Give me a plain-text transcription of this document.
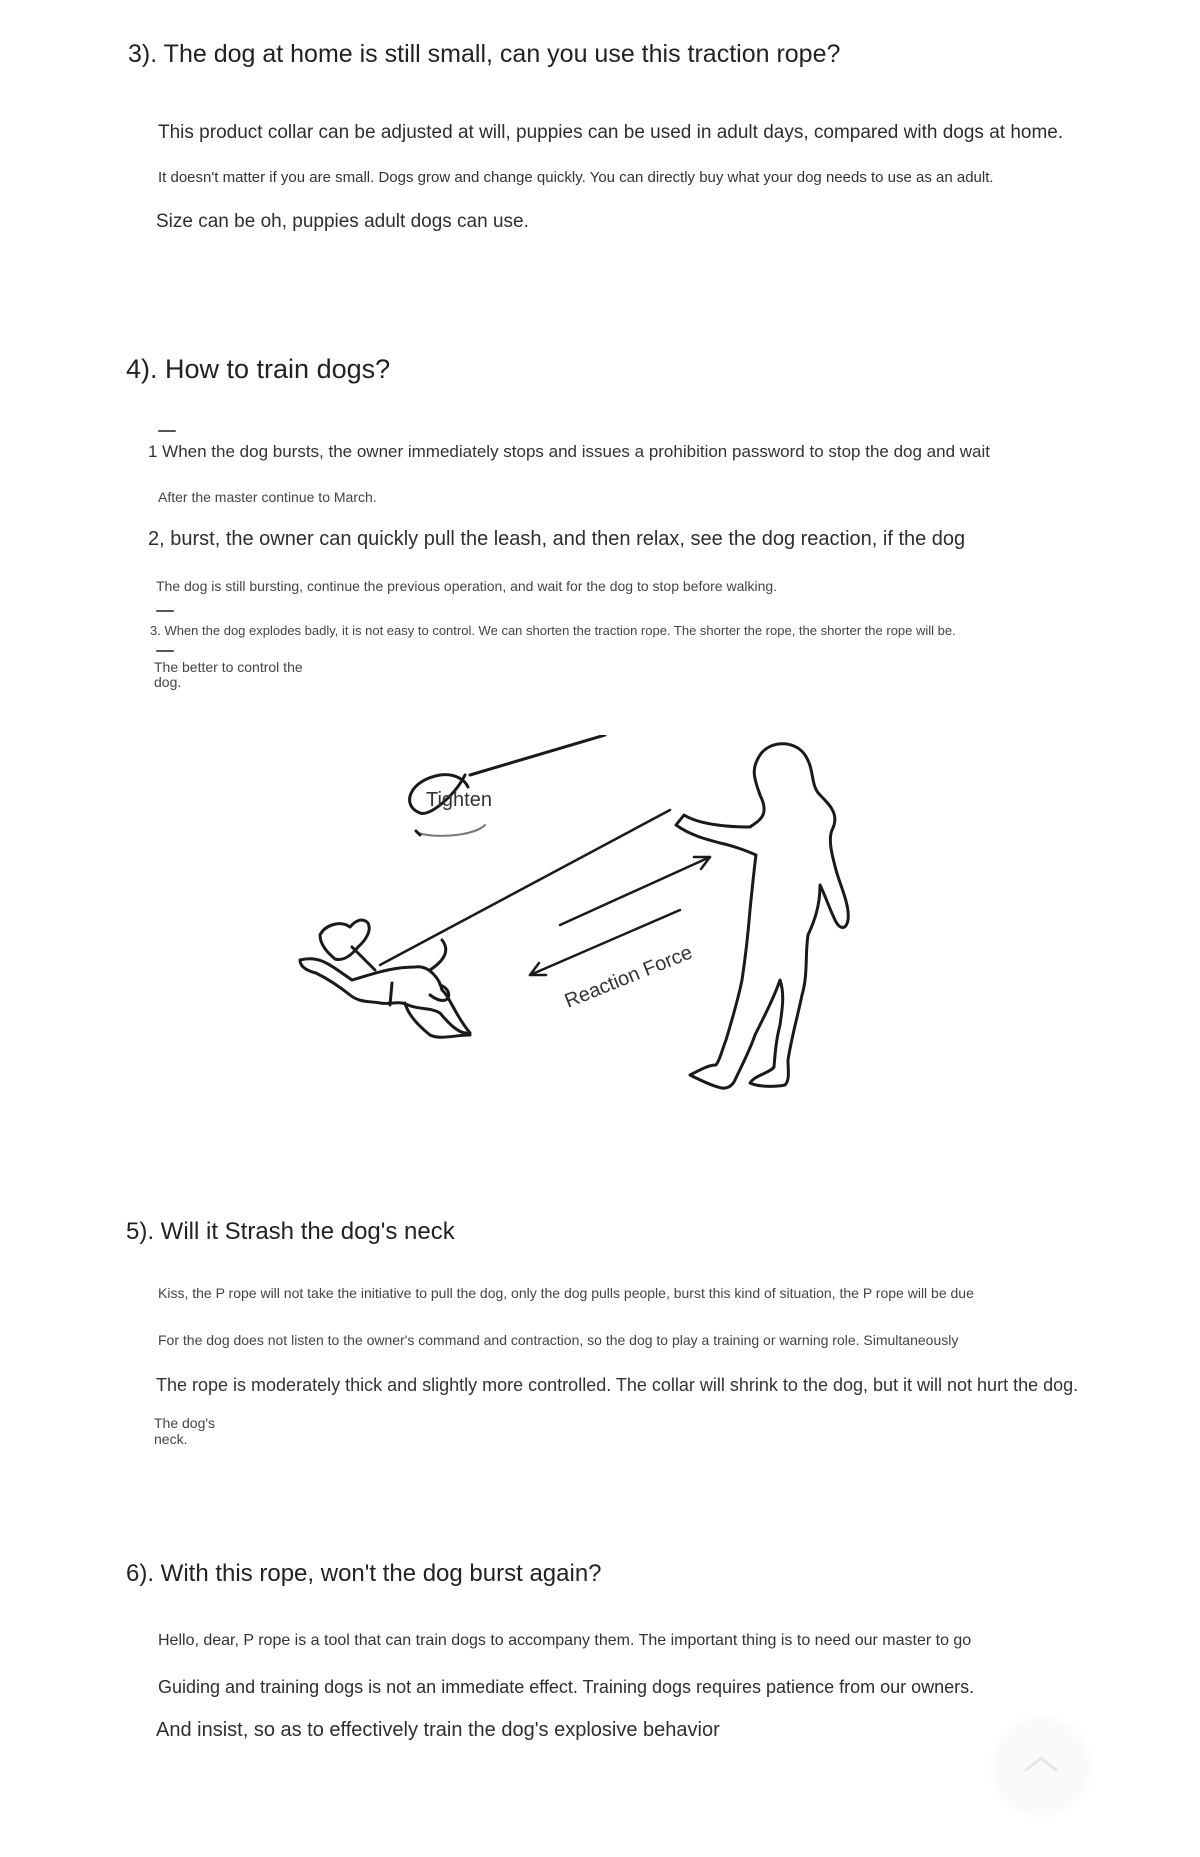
3). The dog at home is still small, can you use this traction rope?
This product collar can be adjusted at will, puppies can be used in adult days, compared with dogs at home.
It doesn't matter if you are small. Dogs grow and change quickly. You can directly buy what your dog needs to use as an adult.
Size can be oh, puppies adult dogs can use.
4). How to train dogs?
1 When the dog bursts, the owner immediately stops and issues a prohibition password to stop the dog and wait
After the master continue to March.
2, burst, the owner can quickly pull the leash, and then relax, see the dog reaction, if the dog
The dog is still bursting, continue the previous operation, and wait for the dog to stop before walking.
3. When the dog explodes badly, it is not easy to control. We can shorten the traction rope. The shorter the rope, the shorter the rope will be.
The better to control the
dog.
Tighten
Reaction Force
5). Will it Strash the dog's neck
Kiss, the P rope will not take the initiative to pull the dog, only the dog pulls people, burst this kind of situation, the P rope will be due
For the dog does not listen to the owner's command and contraction, so the dog to play a training or warning role. Simultaneously
The rope is moderately thick and slightly more controlled. The collar will shrink to the dog, but it will not hurt the dog.
The dog's
neck.
6). With this rope, won't the dog burst again?
Hello, dear, P rope is a tool that can train dogs to accompany them. The important thing is to need our master to go
Guiding and training dogs is not an immediate effect. Training dogs requires patience from our owners.
And insist, so as to effectively train the dog's explosive behavior
